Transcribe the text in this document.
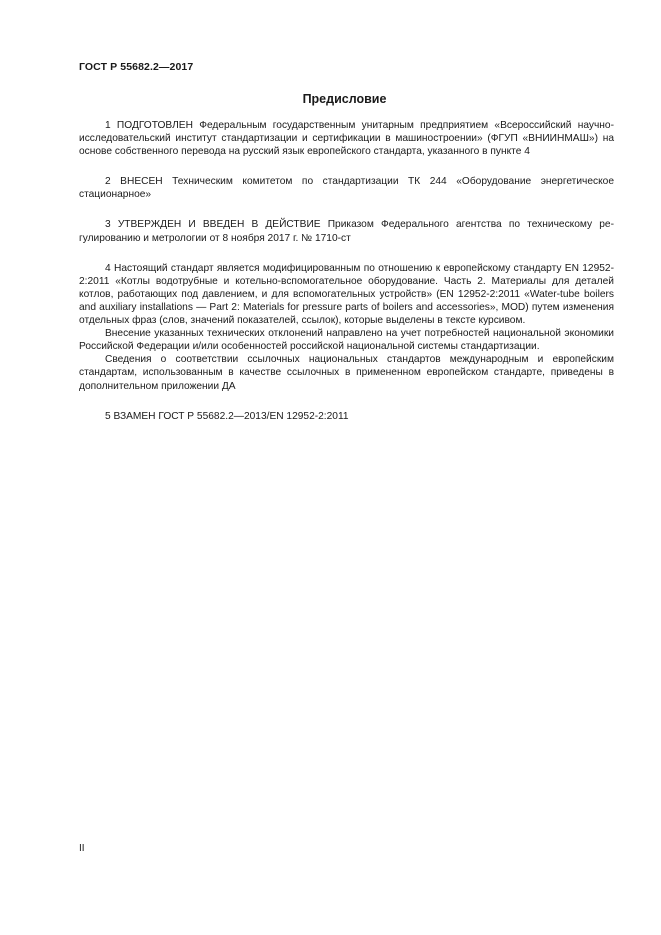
ГОСТ Р 55682.2—2017
Предисловие

1 ПОДГОТОВЛЕН Федеральным государственным унитарным предприятием «Всероссийский научно-исследовательский институт стандартизации и сертификации в машиностроении» (ФГУП «ВНИИНМАШ») на основе собственного перевода на русский язык европейского стандарта, указанного в пункте 4

2 ВНЕСЕН Техническим комитетом по стандартизации ТК 244 «Оборудование энергетическое стационарное»

3 УТВЕРЖДЕН И ВВЕДЕН В ДЕЙСТВИЕ Приказом Федерального агентства по техническому регулированию и метрологии от 8 ноября 2017 г. № 1710-ст

4 Настоящий стандарт является модифицированным по отношению к европейскому стандарту EN 12952-2:2011 «Котлы водотрубные и котельно-вспомогательное оборудование. Часть 2. Материалы для деталей котлов, работающих под давлением, и для вспомогательных устройств» (EN 12952-2:2011 «Water-tube boilers and auxiliary installations — Part 2: Materials for pressure parts of boilers and accessories», MOD) путем изменения отдельных фраз (слов, значений показателей, ссылок), которые выделены в тексте курсивом.

Внесение указанных технических отклонений направлено на учет потребностей национальной экономики Российской Федерации и/или особенностей российской национальной системы стандартизации.

Сведения о соответствии ссылочных национальных стандартов международным и европейским стандартам, использованным в качестве ссылочных в примененном европейском стандарте, приведены в дополнительном приложении ДА

5 ВЗАМЕН ГОСТ Р 55682.2—2013/EN 12952-2:2011

II
